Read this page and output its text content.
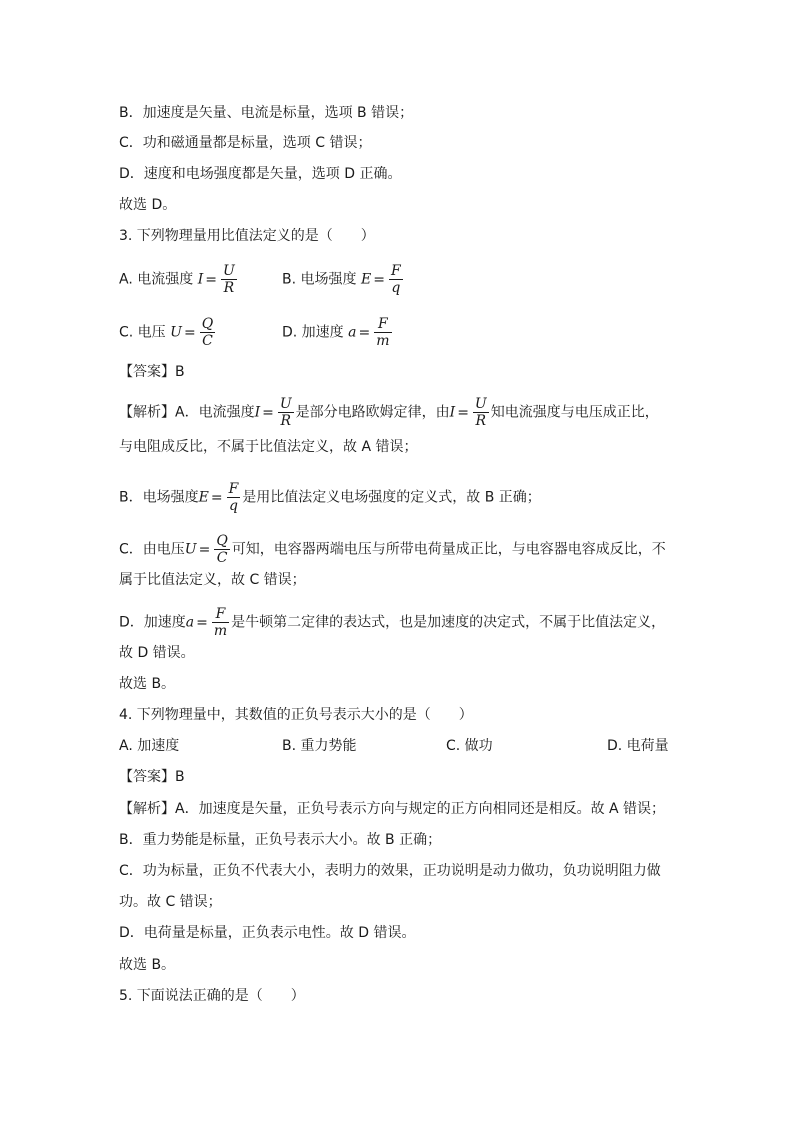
B．加速度是矢量、电流是标量，选项 B 错误；
C．功和磁通量都是标量，选项 C 错误；
D．速度和电场强度都是矢量，选项 D 正确。
故选 D。
3. 下列物理量用比值法定义的是（　　）
A. 电流强度 $I = \frac{U}{R}$	B. 电场强度 $E = \frac{F}{q}$
C. 电压 $U = \frac{Q}{C}$	D. 加速度 $a = \frac{F}{m}$
【答案】B
【解析】A．电流强度$I = \frac{U}{R}$ 是部分电路欧姆定律，由$I = \frac{U}{R}$ 知电流强度与电压成正比，
与电阻成反比，不属于比值法定义，故 A 错误；
B．电场强度$E = \frac{F}{q}$ 是用比值法定义电场强度的定义式，故 B 正确；
C．由电压$U = \frac{Q}{C}$ 可知，电容器两端电压与所带电荷量成正比，与电容器电容成反比，不
属于比值法定义，故 C 错误；
D．加速度$a = \frac{F}{m}$ 是牛顿第二定律的表达式，也是加速度的决定式，不属于比值法定义，
故 D 错误。
故选 B。
4. 下列物理量中，其数值的正负号表示大小的是（　　）
A. 加速度	B. 重力势能	C. 做功	D. 电荷量
【答案】B
【解析】A．加速度是矢量，正负号表示方向与规定的正方向相同还是相反。故 A 错误；
B．重力势能是标量，正负号表示大小。故 B 正确；
C．功为标量，正负不代表大小，表明力的效果，正功说明是动力做功，负功说明阻力做
功。故 C 错误；
D．电荷量是标量，正负表示电性。故 D 错误。
故选 B。
5. 下面说法正确的是（　　）
